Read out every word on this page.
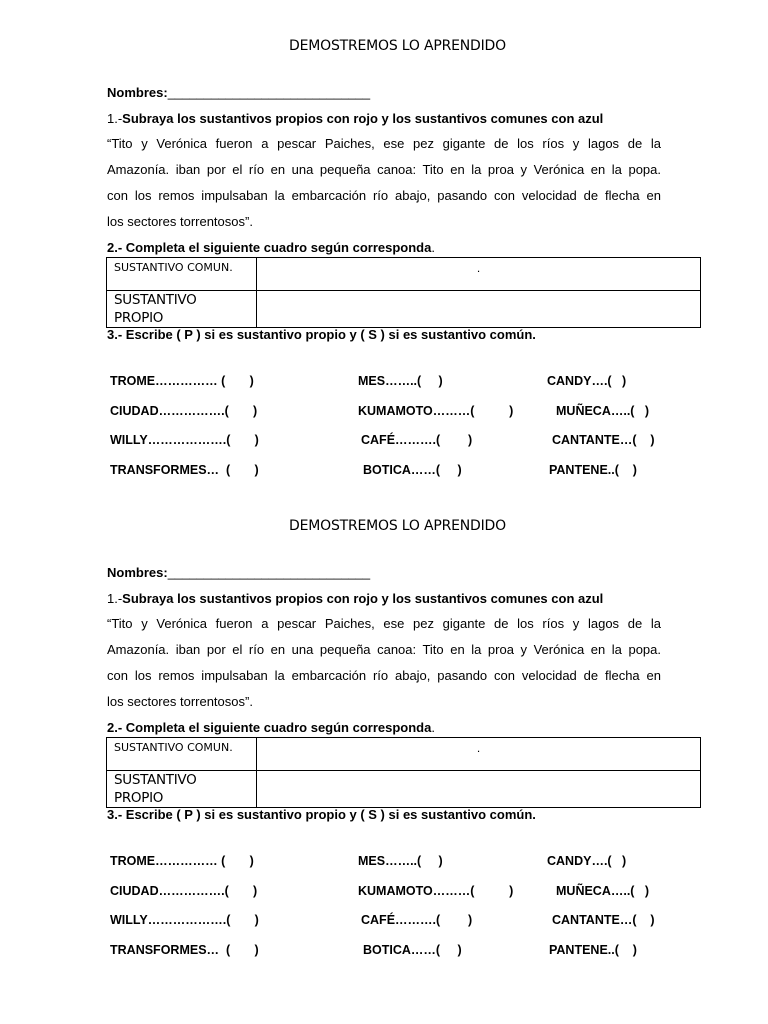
DEMOSTREMOS LO APRENDIDO
Nombres:____________________________
1.-Subraya los sustantivos propios con rojo y los sustantivos comunes con azul
“Tito y Verónica fueron a pescar Paiches, ese pez gigante de los ríos y lagos de la
Amazonía. iban por el río en una pequeña canoa: Tito en la proa y Verónica en la popa.
con los remos impulsaban la embarcación río abajo, pasando con velocidad de flecha en
los sectores torrentosos”.
2.- Completa el siguiente cuadro según corresponda.
SUSTANTIVO COMUN.	.

SUSTANTIVO PROPIO	
3.- Escribe ( P ) si es sustantivo propio y ( S ) si es sustantivo común.
TROME…………… (       )	MES……..(     )	CANDY….(   )
CIUDAD…………….(       )	KUMAMOTO………(          )	MUÑECA…..(   )
WILLY……………….(       )	CAFÉ……….(        )	CANTANTE…(    )
TRANSFORMES…  (       )	BOTICA……(     )	PANTENE..(    )
DEMOSTREMOS LO APRENDIDO
Nombres:____________________________
1.-Subraya los sustantivos propios con rojo y los sustantivos comunes con azul
“Tito y Verónica fueron a pescar Paiches, ese pez gigante de los ríos y lagos de la
Amazonía. iban por el río en una pequeña canoa: Tito en la proa y Verónica en la popa.
con los remos impulsaban la embarcación río abajo, pasando con velocidad de flecha en
los sectores torrentosos”.
2.- Completa el siguiente cuadro según corresponda.
SUSTANTIVO COMUN.	.

SUSTANTIVO PROPIO	
3.- Escribe ( P ) si es sustantivo propio y ( S ) si es sustantivo común.
TROME…………… (       )	MES……..(     )	CANDY….(   )
CIUDAD…………….(       )	KUMAMOTO………(          )	MUÑECA…..(   )
WILLY……………….(       )	CAFÉ……….(        )	CANTANTE…(    )
TRANSFORMES…  (       )	BOTICA……(     )	PANTENE..(    )
